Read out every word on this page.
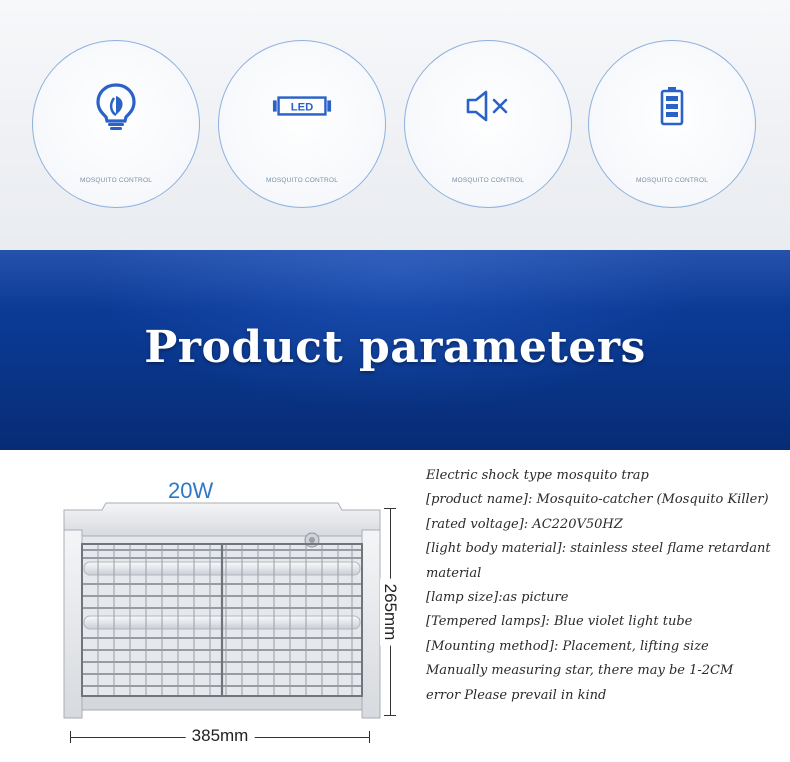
MOSQUITO CONTROL
LED
MOSQUITO CONTROL	MOSQUITO CONTROL	MOSQUITO CONTROL
Product parameters
20W
265mm
385mm

Electric shock type mosquito trap

[product name]: Mosquito-catcher (Mosquito Killer)

[rated voltage]: AC220V50HZ

[light body material]: stainless steel flame retardant material

[lamp size]:as picture

[Tempered lamps]: Blue violet light tube

[Mounting method]: Placement, lifting size Manually measuring star, there may be 1-2CM error Please prevail in kind
